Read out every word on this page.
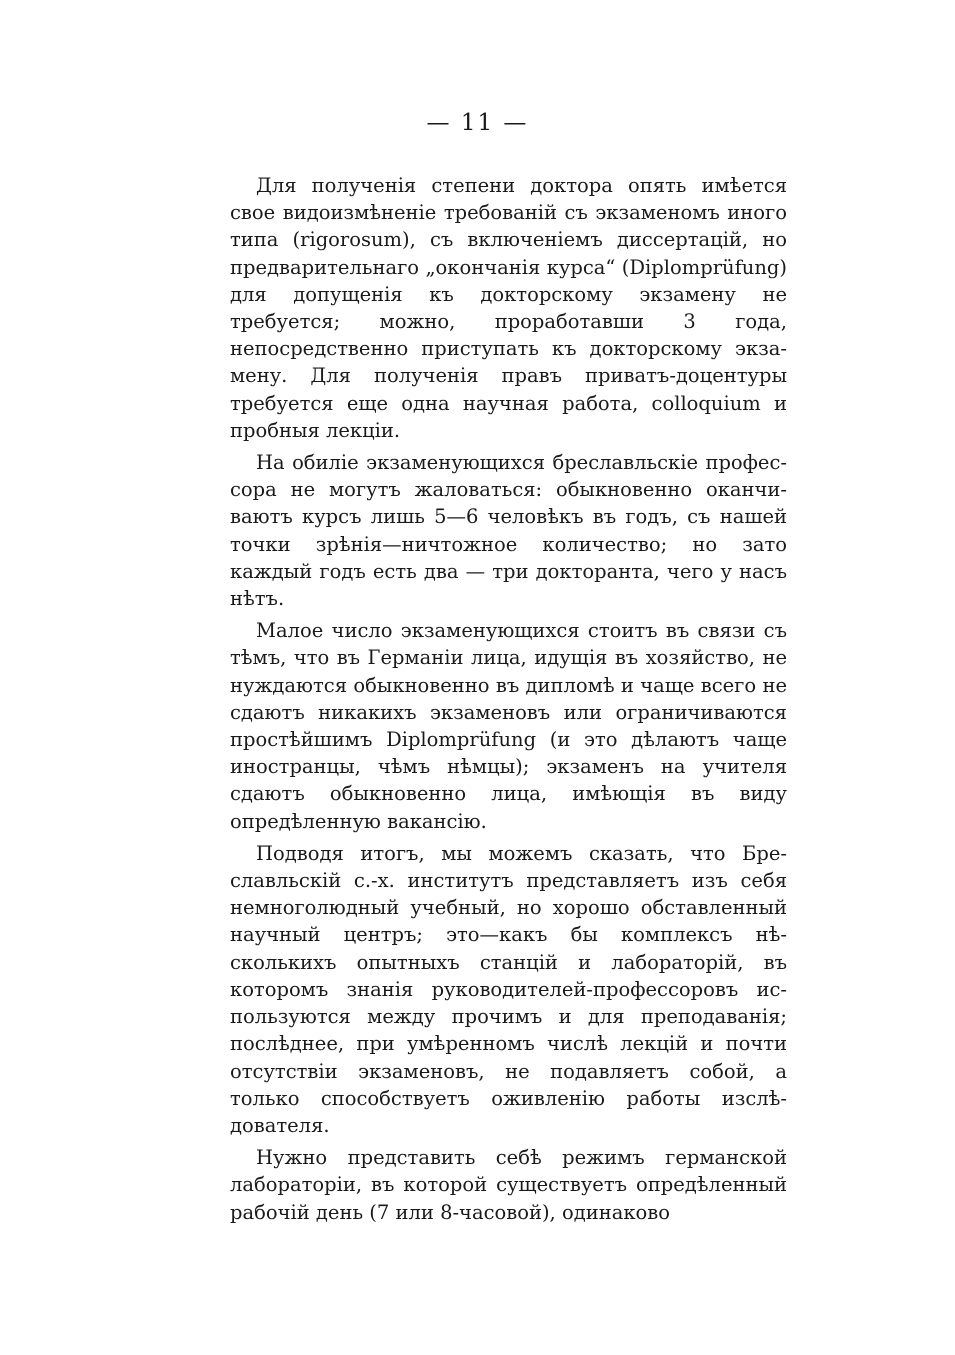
— 11 —

Для полученія степени доктора опять имѣется свое видоизмѣненіе требованій съ экзаменомъ иного типа (rigorosum), съ включеніемъ диссертацій, но предварительнаго „окончанія курса“ (Diplomprüfung) для допущенія къ докторскому экзамену не требуется; можно, проработавши 3 года, непосредственно приступать къ докторскому экзамену. Для полученія правъ приватъ-доцентуры требуется еще одна научная работа, colloquium и пробныя лекціи.

На обиліе экзаменующихся бреславльскіе профессора не могутъ жаловаться: обыкновенно оканчиваютъ курсъ лишь 5—6 человѣкъ въ годъ, съ нашей точки зрѣнія—ничтожное количество; но зато каждый годъ есть два — три докторанта, чего у насъ нѣтъ.

Малое число экзаменующихся стоитъ въ связи съ тѣмъ, что въ Германіи лица, идущія въ хозяйство, не нуждаются обыкновенно въ дипломѣ и чаще всего не сдаютъ никакихъ экзаменовъ или ограничиваются простѣйшимъ Diplomprüfung (и это дѣлаютъ чаще иностранцы, чѣмъ нѣмцы); экзаменъ на учителя сдаютъ обыкновенно лица, имѣющія въ виду опредѣленную вакансію.

Подводя итогъ, мы можемъ сказать, что Бреславльскій с.-х. институтъ представляетъ изъ себя немноголюдный учебный, но хорошо обставленный научный центръ; это—какъ бы комплексъ нѣсколькихъ опытныхъ станцій и лабораторій, въ которомъ знанія руководителей-профессоровъ используются между прочимъ и для преподаванія; послѣднее, при умѣренномъ числѣ лекцій и почти отсутствіи экзаменовъ, не подавляетъ собой, а только способствуетъ оживленію работы изслѣдователя.

Нужно представить себѣ режимъ германской лабораторіи, въ которой существуетъ опредѣленный рабочій день (7 или 8-часовой), одинаково
